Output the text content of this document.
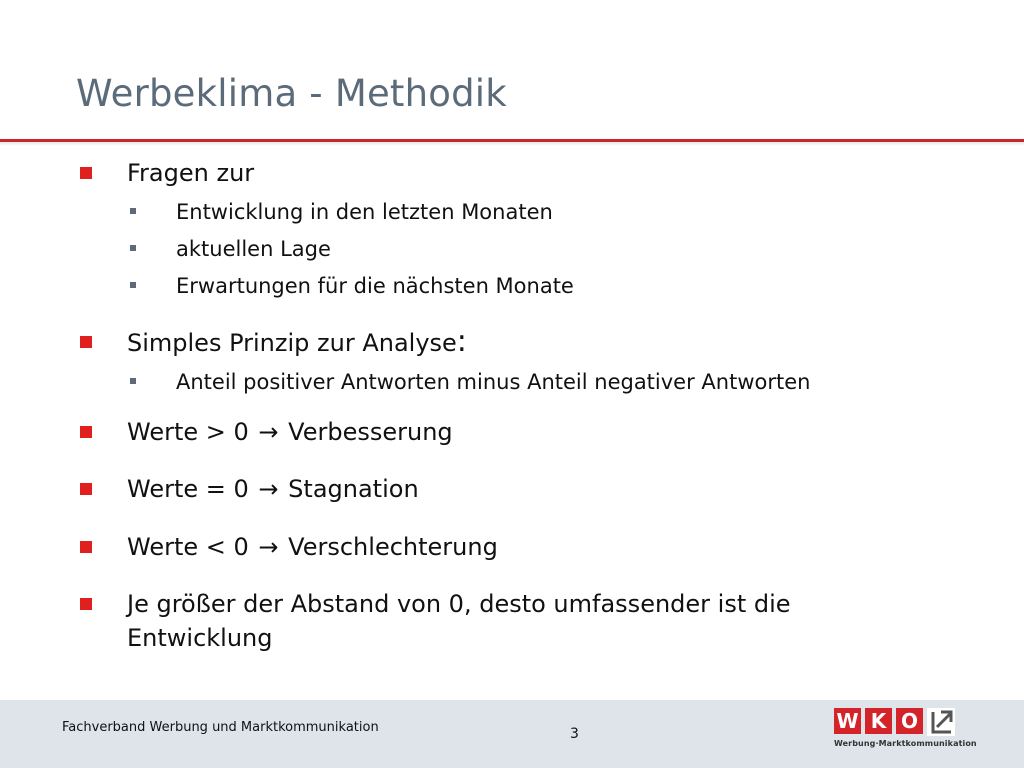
Werbeklima - Methodik
Fragen zur
Entwicklung in den letzten Monaten
aktuellen Lage
Erwartungen für die nächsten Monate
Simples Prinzip zur Analyse:
Anteil positiver Antworten minus Anteil negativer Antworten
Werte > 0 → Verbesserung
Werte = 0 → Stagnation
Werte < 0 → Verschlechterung
Je größer der Abstand von 0, desto umfassender ist die
Entwicklung
Fachverband Werbung und Marktkommunikation	3
W K O
Werbung·Marktkommunikation
